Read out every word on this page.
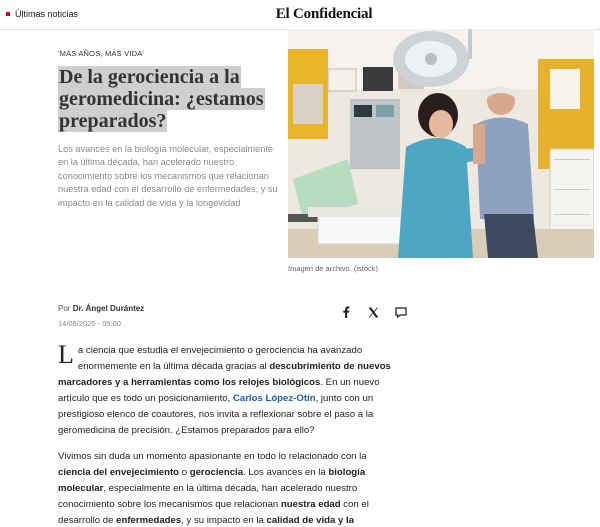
Últimas noticias	El Confidencial
'MÁS AÑOS, MÁS VIDA'
De la gerociencia a la geromedicina: ¿estamos preparados?
Los avances en la biología molecular, especialmente en la última década, han acelerado nuestro conocimiento sobre los mecanismos que relacionan nuestra edad con el desarrollo de enfermedades, y su impacto en la calidad de vida y la longevidad
Imagen de archivo. (istock)
Por Dr. Ángel Durántez
14/06/2025 - 05:00

La ciencia que estudia el envejecimiento o gerociencia ha avanzado enormemente en la última década gracias al descubrimiento de nuevos marcadores y a herramientas como los relojes biológicos. En un nuevo artículo que es todo un posicionamiento, Carlos López-Otín, junto con un prestigioso elenco de coautores, nos invita a reflexionar sobre el paso a la geromedicina de precisión. ¿Estamos preparados para ello?

Vivimos sin duda un momento apasionante en todo lo relacionado con la ciencia del envejecimiento o gerociencia. Los avances en la biología molecular, especialmente en la última década, han acelerado nuestro conocimiento sobre los mecanismos que relacionan nuestra edad con el desarrollo de enfermedades, y su impacto en la calidad de vida y la
